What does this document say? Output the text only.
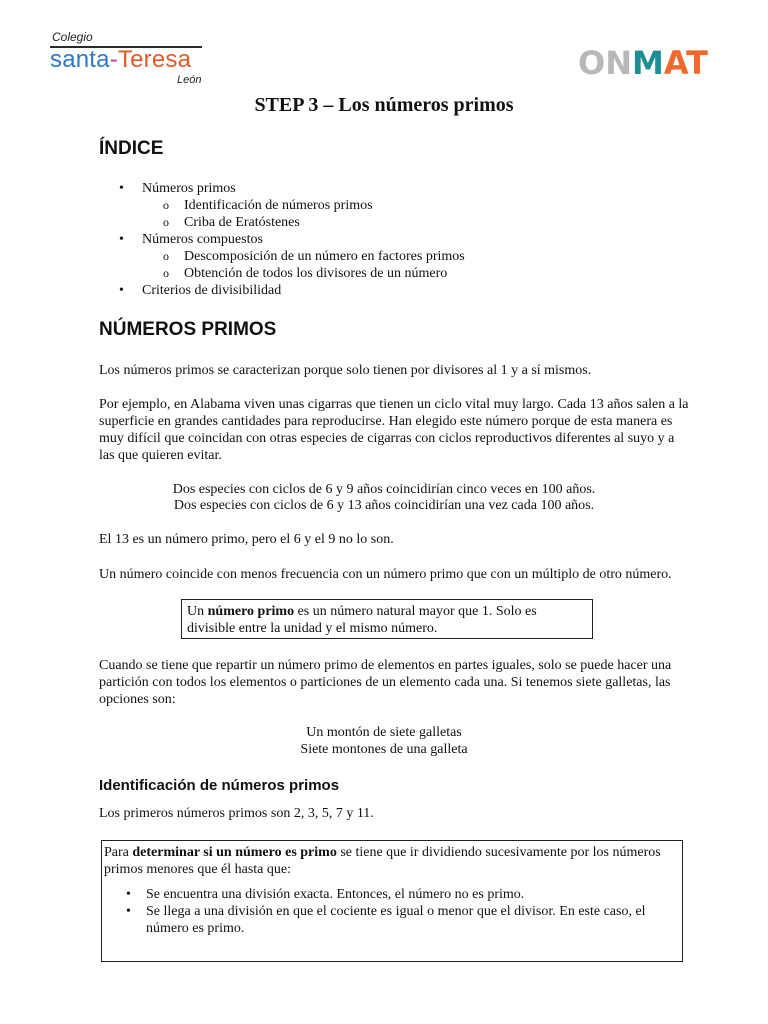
Colegio
santa-Teresa
León	ONMAT
STEP 3 – Los números primos
ÍNDICE
• Números primos
o Identificación de números primos
o Criba de Eratóstenes
• Números compuestos
o Descomposición de un número en factores primos
o Obtención de todos los divisores de un número
• Criterios de divisibilidad
NÚMEROS PRIMOS
Los números primos se caracterizan porque solo tienen por divisores al 1 y a sí mismos.
Por ejemplo, en Alabama viven unas cigarras que tienen un ciclo vital muy largo. Cada 13 años salen a la superficie en grandes cantidades para reproducirse. Han elegido este número porque de esta manera es muy difícil que coincidan con otras especies de cigarras con ciclos reproductivos diferentes al suyo y a las que quieren evitar.
Dos especies con ciclos de 6 y 9 años coincidirían cinco veces en 100 años.
Dos especies con ciclos de 6 y 13 años coincidirían una vez cada 100 años.
El 13 es un número primo, pero el 6 y el 9 no lo son.
Un número coincide con menos frecuencia con un número primo que con un múltiplo de otro número.
Un número primo es un número natural mayor que 1. Solo es divisible entre la unidad y el mismo número.
Cuando se tiene que repartir un número primo de elementos en partes iguales, solo se puede hacer una partición con todos los elementos o particiones de un elemento cada una. Si tenemos siete galletas, las opciones son:
Un montón de siete galletas
Siete montones de una galleta
Identificación de números primos
Los primeros números primos son 2, 3, 5, 7 y 11.
Para determinar si un número es primo se tiene que ir dividiendo sucesivamente por los números primos menores que él hasta que:
• Se encuentra una división exacta. Entonces, el número no es primo.
• Se llega a una división en que el cociente es igual o menor que el divisor. En este caso, el número es primo.
